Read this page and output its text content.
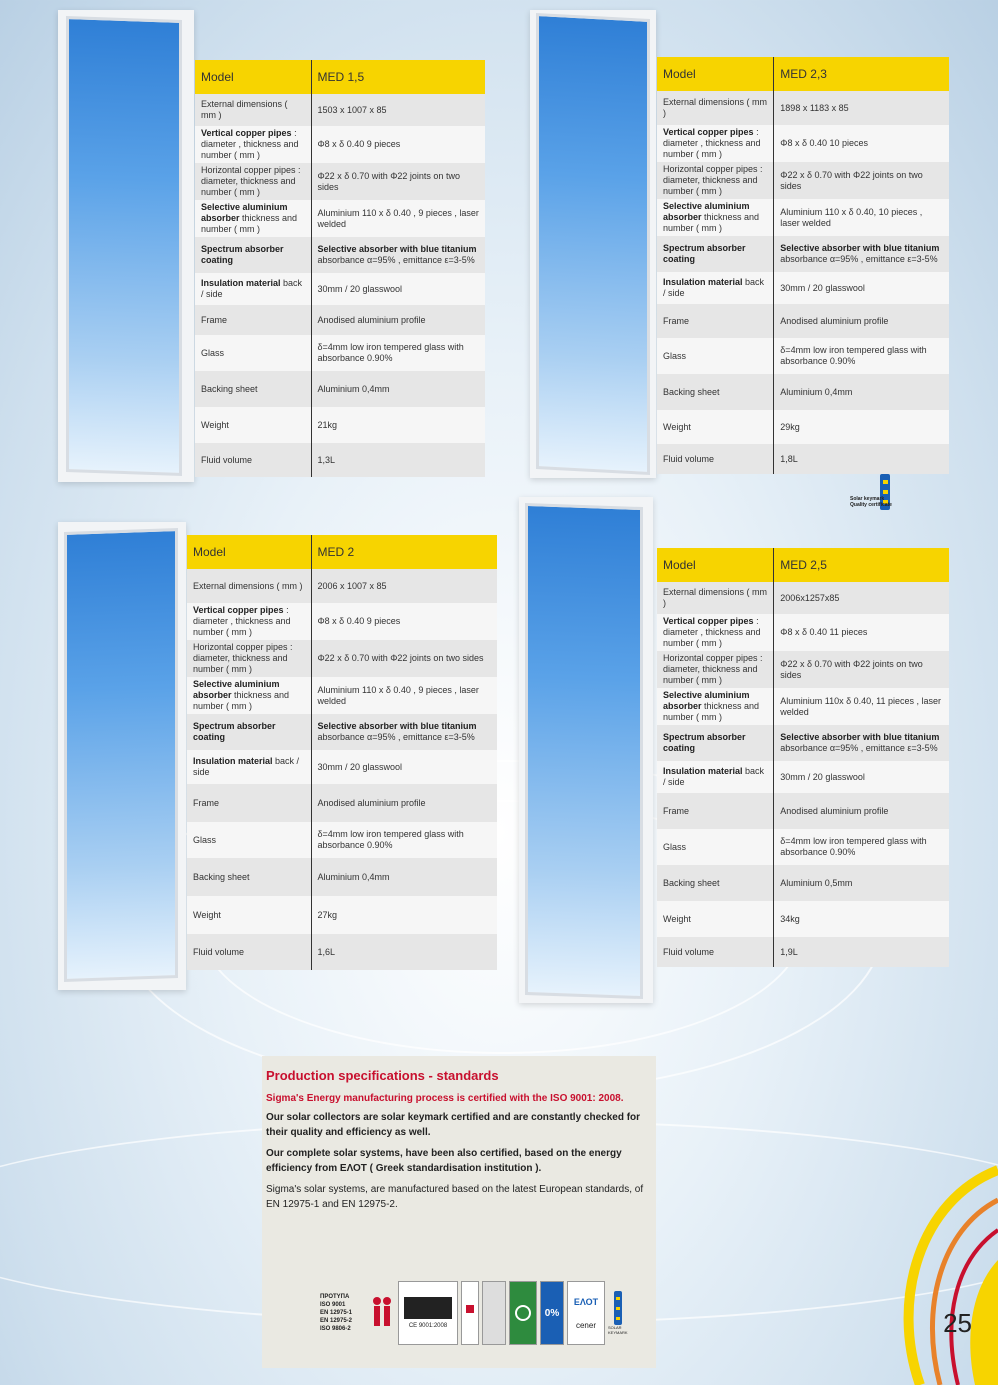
Model	MED 1,5
External dimensions ( mm )	1503 x 1007 x 85
Vertical copper pipes : diameter , thickness and number ( mm )	Φ8 x δ 0.40 9 pieces
Horizontal copper pipes : diameter, thickness and number ( mm )	Φ22 x δ 0.70 with Φ22 joints on two sides
Selective aluminium absorber thickness and number ( mm )	Aluminium 110 x δ 0.40 , 9 pieces , laser welded
Spectrum absorber coating	Selective absorber with blue titanium
absorbance α=95% , emittance ε=3-5%
Insulation material back / side	30mm / 20 glasswool
Frame	Anodised aluminium profile
Glass	δ=4mm low iron tempered glass with absorbance 0.90%
Backing sheet	Aluminium 0,4mm
Weight	21kg
Fluid volume	1,3L
Model	MED 2,3
External dimensions ( mm )	1898 x 1183 x 85
Vertical copper pipes : diameter , thickness and number ( mm )	Φ8 x δ 0.40 10 pieces
Horizontal copper pipes : diameter, thickness and number ( mm )	Φ22 x δ 0.70 with Φ22 joints on two sides
Selective aluminium absorber thickness and number ( mm )	Aluminium 110 x δ 0.40, 10 pieces , laser welded
Spectrum absorber coating	Selective absorber with blue titanium
absorbance α=95% , emittance ε=3-5%
Insulation material back / side	30mm / 20 glasswool
Frame	Anodised aluminium profile
Glass	δ=4mm low iron tempered glass with absorbance 0.90%
Backing sheet	Aluminium 0,4mm
Weight	29kg
Fluid volume	1,8L
Solar keymark
Quality certificate
Model	MED 2
External dimensions ( mm )	2006 x 1007 x 85
Vertical copper pipes : diameter , thickness and number ( mm )	Φ8 x δ 0.40 9 pieces
Horizontal copper pipes : diameter, thickness and number ( mm )	Φ22 x δ 0.70 with Φ22 joints on two sides
Selective aluminium absorber thickness and number ( mm )	Aluminium 110 x δ 0.40 , 9 pieces , laser welded
Spectrum absorber coating	Selective absorber with blue titanium
absorbance α=95% , emittance ε=3-5%
Insulation material back / side	30mm / 20 glasswool
Frame	Anodised aluminium profile
Glass	δ=4mm low iron tempered glass with absorbance 0.90%
Backing sheet	Aluminium 0,4mm
Weight	27kg
Fluid volume	1,6L
Model	MED 2,5
External dimensions ( mm )	2006x1257x85
Vertical copper pipes : diameter , thickness and number ( mm )	Φ8 x δ 0.40 11 pieces
Horizontal copper pipes : diameter, thickness and number ( mm )	Φ22 x δ 0.70 with Φ22 joints on two sides
Selective aluminium absorber thickness and number ( mm )	Aluminium 110x δ 0.40, 11 pieces , laser welded
Spectrum absorber coating	Selective absorber with blue titanium
absorbance α=95% , emittance ε=3-5%
Insulation material back / side	30mm / 20 glasswool
Frame	Anodised aluminium profile
Glass	δ=4mm low iron tempered glass with absorbance 0.90%
Backing sheet	Aluminium 0,5mm
Weight	34kg
Fluid volume	1,9L
Production specifications - standards
Sigma's Energy manufacturing process is certified with the ISO 9001: 2008.

Our solar collectors are solar keymark certified and are constantly checked for their quality and efficiency as well.

Our complete solar systems, have been also certified, based on the energy efficiency from ΕΛΟΤ ( Greek standardisation institution ).

Sigma's solar systems, are manufactured based on the latest European standards, of EN 12975-1 and EN 12975-2.

ΠΡΟΤΥΠΑ
ISO 9001
EN 12975-1
EN 12975-2
ISO 9806-2	CE 9001:2008
0%
ΕΛΟΤ
cener	SOLAR KEYMARK	25
